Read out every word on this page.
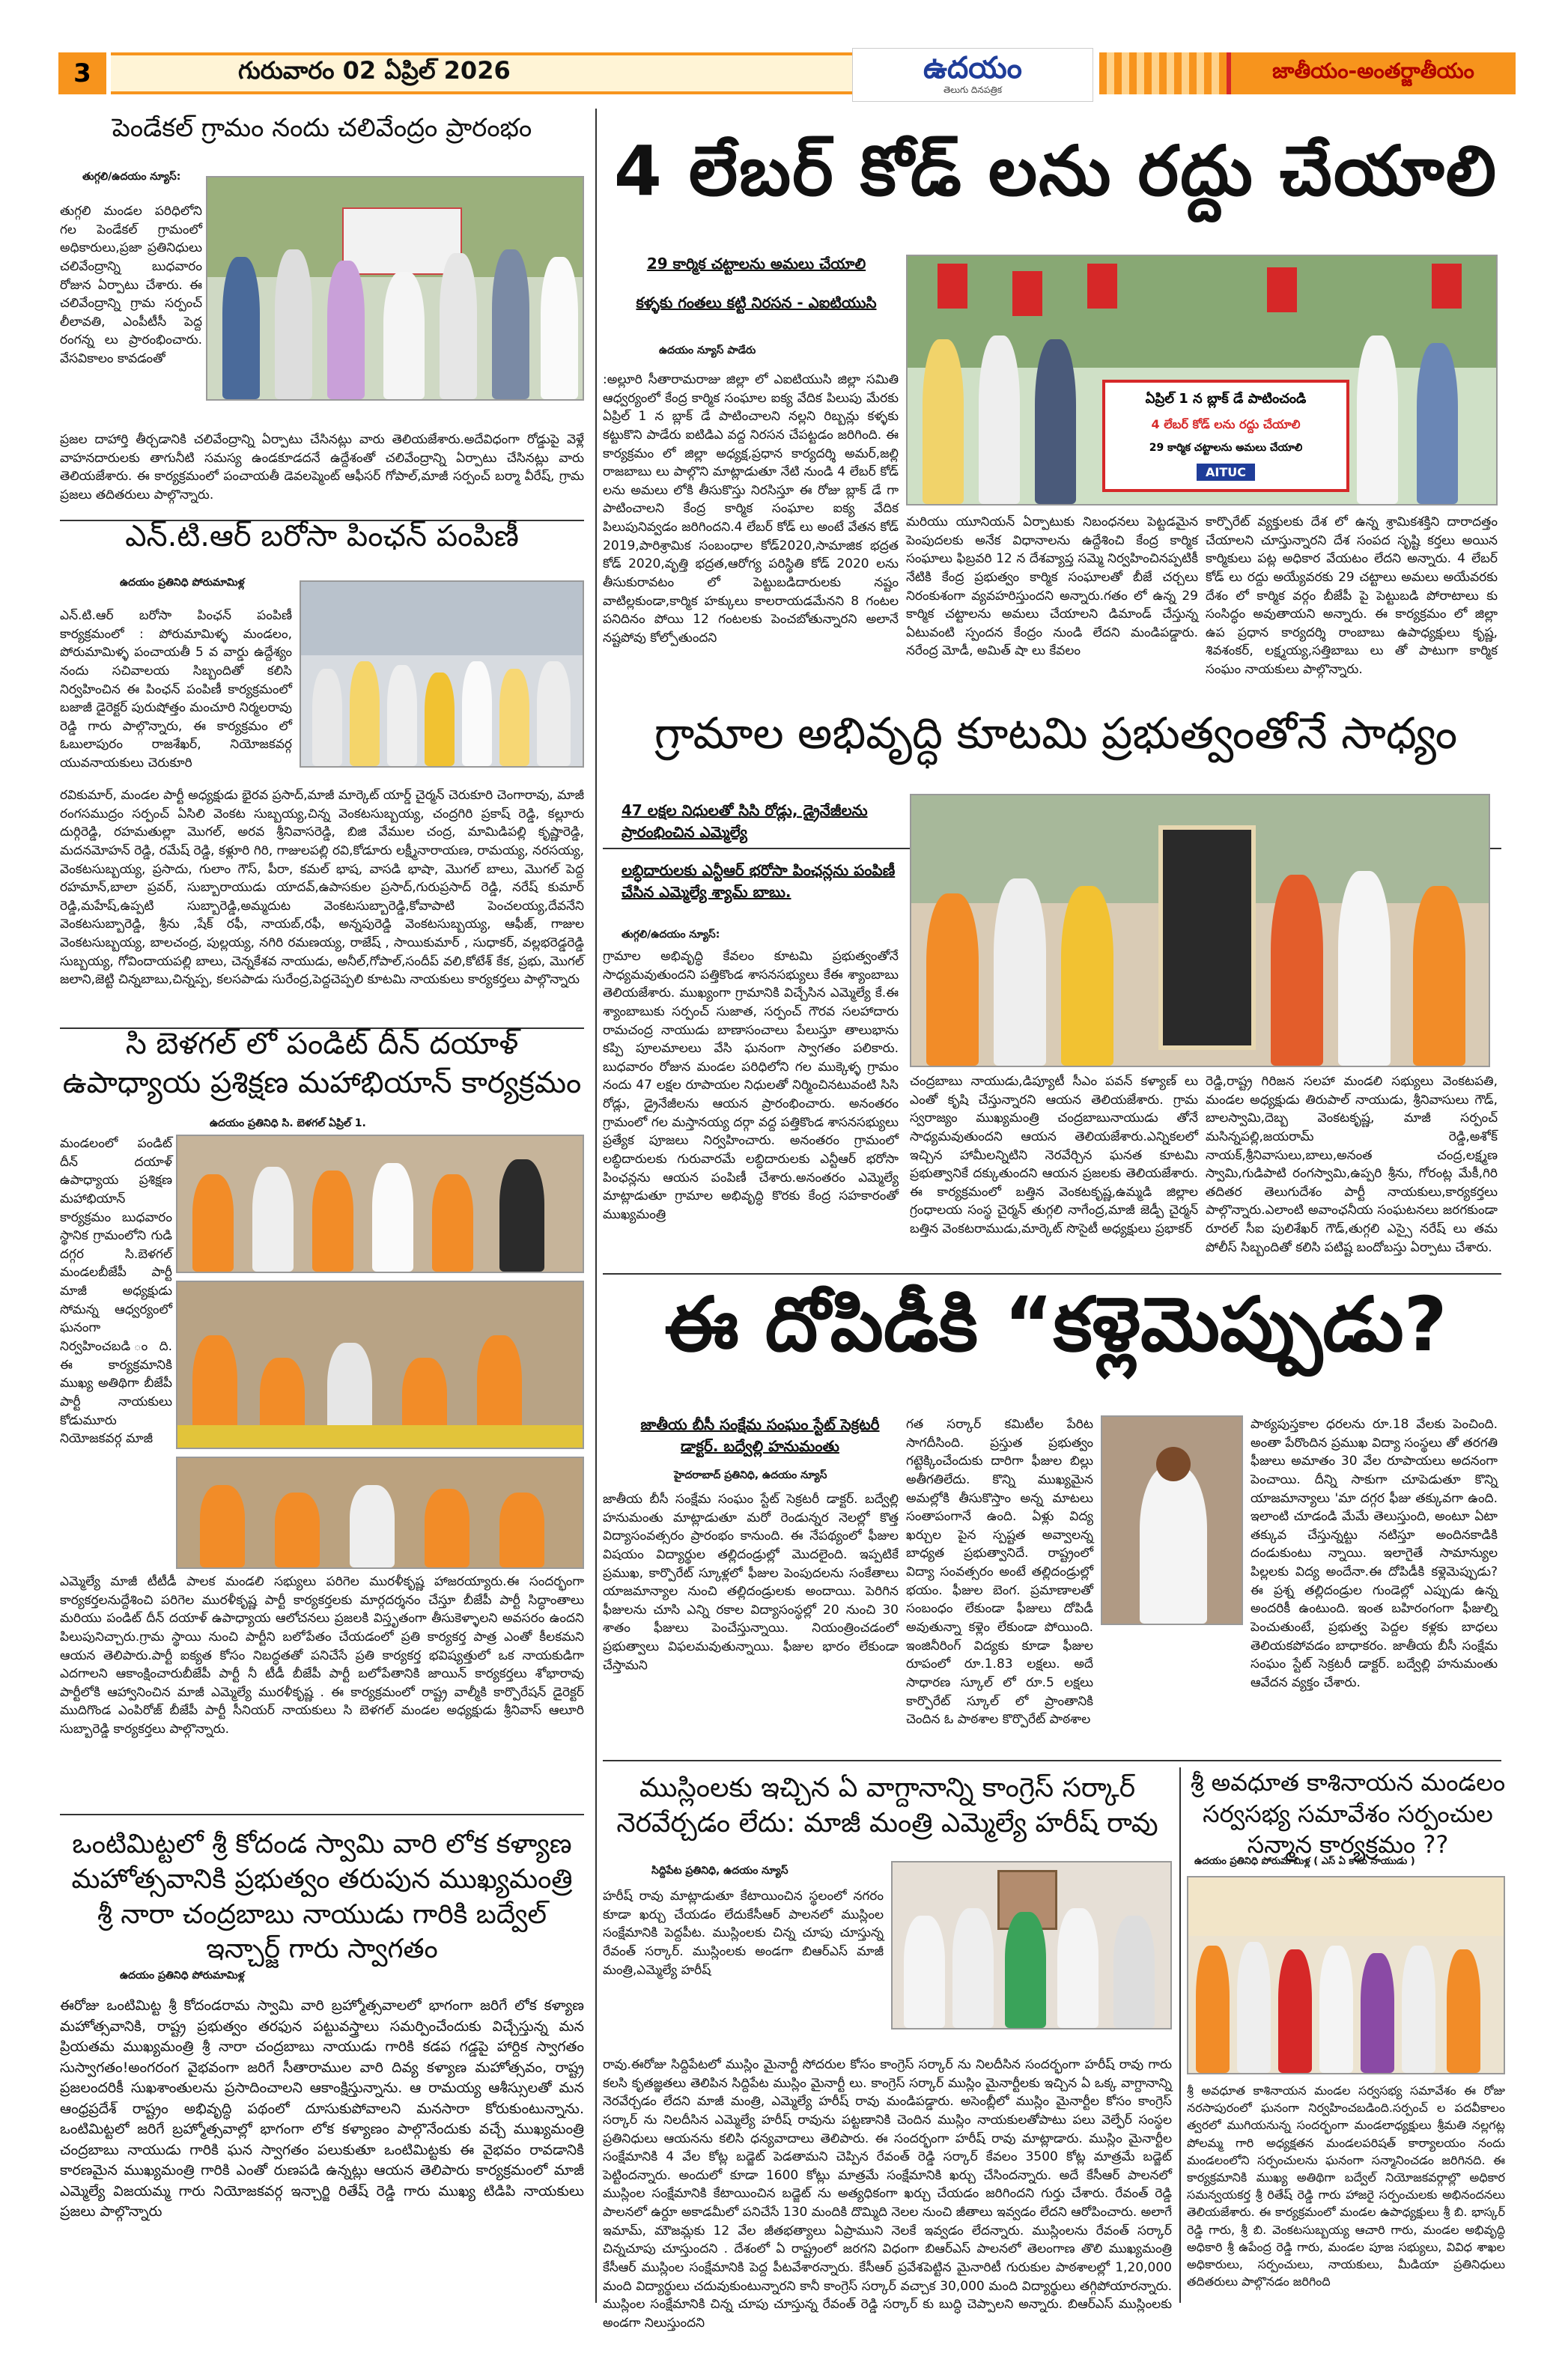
3	గురువారం 02 ఏప్రిల్ 2026	ఉదయం
తెలుగు దినపత్రిక
జాతీయం-అంతర్జాతీయం
పెండేకల్ గ్రామం నందు చలివేంద్రం ప్రారంభం
తుగ్గలి/ఉదయం న్యూస్:
తుగ్గలి మండల పరిధిలోని గల పెండేకల్ గ్రామంలో అధికారులు,ప్రజా ప్రతినిధులు చలివేంద్రాన్ని బుధవారం రోజున ఏర్పాటు చేశారు. ఈ చలివేంద్రాన్ని గ్రామ సర్పంచ్ లీలావతి, ఎంపీటీసీ పెద్ద రంగన్న లు ప్రారంభించారు. వేసవికాలం కావడంతో
ప్రజల దాహార్తి తీర్చడానికి చలివేంద్రాన్ని ఏర్పాటు చేసినట్లు వారు తెలియజేశారు.అదేవిధంగా రోడ్డుపై వెళ్లే వాహనదారులకు తాగునీటి సమస్య ఉండకూడదనే ఉద్దేశంతో చలివేంద్రాన్ని ఏర్పాటు చేసినట్లు వారు తెలియజేశారు. ఈ కార్యక్రమంలో పంచాయతీ డెవలప్మెంట్ ఆఫీసర్ గోపాల్,మాజీ సర్పంచ్ బర్మా వీరేష్, గ్రామ ప్రజలు తదితరులు పాల్గొన్నారు.
ఎన్.టి.ఆర్ బరోసా పింఛన్ పంపిణీ
ఉదయం ప్రతినిధి పోరుమామిళ్ల
ఎన్.టి.ఆర్ బరోసా పింఛన్ పంపిణీ కార్యక్రమంలో : పోరుమామిళ్ళ మండలం, పోరుమామిళ్ళ పంచాయతీ 5 వ వార్డు ఉద్దేశ్యం నందు సచివాలయ సిబ్బందితో కలిసి నిర్వహించిన ఈ పింఛన్ పంపిణీ కార్యక్రమంలో బజాజీ డైరెక్టర్ పురుషోత్తం మంచూరి నిర్మలరావు రెడ్డి గారు పాల్గొన్నారు, ఈ కార్యక్రమం లో ఓబులాపురం రాజశేఖర్, నియోజకవర్గ యువనాయకులు చెరుకూరి
రవికుమార్, మండల పార్టీ అధ్యక్షుడు భైరవ ప్రసాద్,మాజీ మార్కెట్ యార్డ్ చైర్మన్ చెరుకూరి చెంగారావు, మాజీ రంగసముద్రం సర్పంచ్ ఏసిలి వెంకట సుబ్బయ్య,చిన్న వెంకటసుబ్బయ్య, చంద్రగిరి ప్రకాష్ రెడ్డి, కల్లూరు దుర్గిరెడ్డి, రహమతుల్లా మొగల్, అరవ శ్రీనివాసరెడ్డి, బిజి వేముల చంద్ర, మామిడిపల్లి కృష్ణారెడ్డి, మదనమోహన్ రెడ్డి, రమేష్ రెడ్డి, కళ్లూరి గిరి, గాజులపల్లి రవి,కోడూరు లక్ష్మీనారాయణ, రామయ్య, నరసయ్య, వెంకటసుబ్బయ్య, ప్రసాదు, గులాం గౌస్, పీరా, కమల్ భాష, వాసడి భాషా, మొగల్ బాలు, మొగల్ పెద్ద రహమాన్,బాలా ప్రవర్, సుబ్బారాయుడు యాదవ్,ఉపాసకుల ప్రసాద్,గురుప్రసాద్ రెడ్డి, నరేష్ కుమార్ రెడ్డి,మహేష్,ఉప్పటి సుబ్బారెడ్డి,అమ్మదుట వెంకటసుబ్బారెడ్డి,కోవాపాటి పెంచలయ్య,దేవనేని వెంకటసుబ్బారెడ్డి, శ్రీను ,షేక్ రఫీ, నాయబ్,రఫీ, అన్నపురెడ్డి వెంకటసుబ్బయ్య, ఆఫీజ్, గాజుల వెంకటసుబ్బయ్య, బాలచంద్ర, పుల్లయ్య, నగిరి రమణయ్య, రాజేష్ , సాయికుమార్ , సుధాకర్, వల్లభరెడ్డరెడ్డి సుబ్బయ్య, గోవిందాయపల్లి బాలు, చెన్నకేశవ నాయుడు, అనీల్,గోపాల్,సందీప్ వలి,కోటేశ్ కేక, ప్రభు, మొగల్ జలాని,జెట్టి చిన్నబాబు,చిన్నప్ప, కలసపాడు సురేంద్ర,పెద్దచెప్పలి కూటమి నాయకులు కార్యకర్తలు పాల్గొన్నారు
సి బెళగల్ లో పండిట్ దీన్ దయాళ్ ఉపాధ్యాయ ప్రశిక్షణ మహాభియాన్ కార్యక్రమం
ఉదయం ప్రతినిధి సి. బెళగల్ ఏప్రిల్ 1.
మండలంలో పండిట్ దీన్ దయాళ్ ఉపాధ్యాయ ప్రశిక్షణ మహాభియాన్ కార్యక్రమం బుధవారం స్థానిక గ్రామంలోని గుడి దగ్గర సి.బెళగల్ మండలబీజేపీ పార్టీ మాజీ అధ్యక్షుడు సోమన్న ఆధ్వర్యంలో ఘనంగా నిర్వహించబడి ంది. ఈ కార్యక్రమానికి ముఖ్య అతిథిగా బీజేపీ పార్టీ నాయకులు కోడుమూరు నియోజకవర్గ మాజీ
ఎమ్మెల్యే మాజీ టీటీడీ పాలక మండలి సభ్యులు పరిగెల మురళీకృష్ణ హాజరయ్యారు.ఈ సందర్భంగా కార్యకర్తలనుద్దేశించి పరిగెల మురళీకృష్ణ పార్టీ కార్యకర్తలకు మార్గదర్శనం చేస్తూ బీజేపీ పార్టీ సిద్ధాంతాలు మరియు పండిట్ దీన్ దయాళ్ ఉపాధ్యాయ ఆలోచనలు ప్రజలకి విస్తృతంగా తీసుకెళ్ళాలని అవసరం ఉందని పిలుపునిచ్చారు.గ్రామ స్థాయి నుంచి పార్టీని బలోపేతం చేయడంలో ప్రతి కార్యకర్త పాత్ర ఎంతో కీలకమని ఆయన తెలిపారు.పార్టీ ఐక్యత కోసం నిబద్ధతతో పనిచేసే ప్రతి కార్యకర్త భవిష్యత్తులో ఒక నాయకుడిగా ఎదగాలని ఆకాంక్షించారుబీజేపీ పార్టీ నీ టీడీ బీజేపీ పార్టీ బలోపేతానికి జాయిన్ కార్యకర్తలు శోభారావు పార్టీలోకి ఆహ్వానించిన మాజీ ఎమ్మెల్యే మురళీకృష్ణ . ఈ కార్యక్రమంలో రాష్ట్ర వాల్మీకి కార్పొరేషన్ డైరెక్టర్ ముదిగొండ ఎంపిరోజ్ బీజేపీ పార్టీ సీనియర్ నాయకులు సి బెళగల్ మండల అధ్యక్షుడు శ్రీనివాస్ ఆలూరి సుబ్బారెడ్డి కార్యకర్తలు పాల్గొన్నారు.
ఒంటిమిట్టలో శ్రీ కోదండ స్వామి వారి లోక కళ్యాణ మహోత్సవానికి ప్రభుత్వం తరుపున ముఖ్యమంత్రి శ్రీ నారా చంద్రబాబు నాయుడు గారికి బద్వేల్ ఇన్చార్జ్ గారు స్వాగతం
ఉదయం ప్రతినిధి పోరుమామిళ్ల
ఈరోజు ఒంటిమిట్ట శ్రీ కోదండరామ స్వామి వారి బ్రహ్మోత్సవాలలో భాగంగా జరిగే లోక కళ్యాణ మహోత్సవానికి, రాష్ట్ర ప్రభుత్వం తరఫున పట్టువస్త్రాలు సమర్పించేందుకు విచ్చేస్తున్న మన ప్రియతమ ముఖ్యమంత్రి శ్రీ నారా చంద్రబాబు నాయుడు గారికి కడప గడ్డపై హార్దిక స్వాగతం సుస్వాగతం!అంగరంగ వైభవంగా జరిగే సీతారాముల వారి దివ్య కళ్యాణ మహోత్సవం, రాష్ట్ర ప్రజలందరికీ సుఖశాంతులను ప్రసాదించాలని ఆకాంక్షిస్తున్నాను. ఆ రామయ్య ఆశీస్సులతో మన ఆంధ్రప్రదేశ్ రాష్ట్రం అభివృద్ధి పథంలో దూసుకుపోవాలని మనసారా కోరుకుంటున్నాను. ఒంటిమిట్టలో జరిగే బ్రహ్మోత్సవాల్లో భాగంగా లోక కళ్యాణం పాల్గొనేందుకు వచ్చే ముఖ్యమంత్రి చంద్రబాబు నాయుడు గారికి ఘన స్వాగతం పలుకుతూ ఒంటిమిట్టకు ఈ వైభవం రావడానికి కారణమైన ముఖ్యమంత్రి గారికి ఎంతో రుణపడి ఉన్నట్లు ఆయన తెలిపారు కార్యక్రమంలో మాజీ ఎమ్మెల్యే విజయమ్మ గారు నియోజకవర్గ ఇన్చార్జి రితేష్ రెడ్డి గారు ముఖ్య టిడిపి నాయకులు ప్రజలు పాల్గొన్నారు
4 లేబర్ కోడ్ లను రద్దు చేయాలి
29 కార్మిక చట్టాలను అమలు చేయాలి
కళ్ళకు గంతలు కట్టి నిరసన - ఎఐటియుసి
ఉదయం న్యూస్ పాడేరు
:అల్లూరి సీతారామరాజు జిల్లా లో ఎఐటియుసి జిల్లా సమితి ఆధ్వర్యంలో కేంద్ర కార్మిక సంఘాల ఐక్య వేదిక పిలుపు మేరకు ఏప్రిల్ 1 న బ్లాక్ డే పాటించాలని నల్లని రిబ్బన్లు కళ్ళకు కట్టుకొని పాడేరు ఐటిడిఎ వద్ద నిరసన చేపట్టడం జరిగింది. ఈ కార్యక్రమం లో జిల్లా అధ్యక్ష,ప్రధాన కార్యదర్శి అమర్,జల్లి రాజబాబు లు పాల్గొని మాట్లాడుతూ నేటి నుండి 4 లేబర్ కోడ్ లను అమలు లోకి తీసుకొస్తు నిరసిస్తూ ఈ రోజు బ్లాక్ డే గా పాటించాలని కేంద్ర కార్మిక సంఘాల ఐక్య వేదిక పిలుపునివ్వడం జరిగిందని.4 లేబర్ కోడ్ లు అంటే వేతన కోడ్ 2019,పారిశ్రామిక సంబంధాల కోడ్2020,సామాజిక భద్రత కోడ్ 2020,వృత్తి భద్రత,ఆరోగ్య పరిస్థితి కోడ్ 2020 లను తీసుకురావటం లో పెట్టుబడిదారులకు నష్టం వాటిల్లకుండా,కార్మిక హక్కులు కాలరాయడమేనని 8 గంటల పనిదినం పోయి 12 గంటలకు పెంచబోతున్నారని అలానే నష్టపోవు కోల్పోతుందని
ఏప్రిల్ 1 న బ్లాక్ డే పాటించండి
4 లేబర్ కోడ్ లను రద్దు చేయాలి
29 కార్మిక చట్టాలను అమలు చేయాలి
AITUC
మరియు యూనియన్ ఏర్పాటుకు నిబంధనలు పెట్టడమైన పెంపుదలకు అనేక విధానాలను ఉద్దేశించి కేంద్ర కార్మిక సంఘాలు ఫిబ్రవరి 12 న దేశవ్యాప్త సమ్మె నిర్వహించినప్పటికీ నేటికి కేంద్ర ప్రభుత్వం కార్మిక సంఘాలతో బీజే చర్చలు నిరంకుశంగా వ్యవహరిస్తుందని అన్నారు.గతం లో ఉన్న 29 కార్మిక చట్టాలను అమలు చేయాలని డిమాండ్ చేస్తున్న ఏటువంటి స్పందన కేంద్రం నుండి లేదని మండిపడ్డారు. నరేంద్ర మోడీ, అమిత్ షా లు కేవలం
కార్పొరేట్ వ్యక్తులకు దేశ లో ఉన్న శ్రామికశక్తిని దారాదత్తం చేయాలని చూస్తున్నారని దేశ సంపద సృష్టి కర్తలు అయిన కార్మికులు పట్ల అధికార వేయటం లేదని అన్నారు. 4 లేబర్ కోడ్ లు రద్దు అయ్యేవరకు 29 చట్టాలు అమలు అయేవరకు దేశం లో కార్మిక వర్గం బీజేపీ పై పెట్టుబడి పోరాటాలు కు సంసిద్ధం అవుతాయని అన్నారు. ఈ కార్యక్రమం లో జిల్లా ఉప ప్రధాన కార్యదర్శి రాంబాబు ఉపాధ్యక్షులు కృష్ణ, శివశంకర్, లక్ష్మయ్య,సత్తిబాబు లు తో పాటుగా కార్మిక సంఘం నాయకులు పాల్గొన్నారు.
గ్రామాల అభివృద్ధి కూటమి ప్రభుత్వంతోనే సాధ్యం
47 లక్షల నిధులతో సిసి రోడ్లు, డ్రైనేజీలను ప్రారంభించిన ఎమ్మెల్యే
లబ్ధిదారులకు ఎన్టీఆర్ భరోసా పింఛన్లను పంపిణీ చేసిన ఎమ్మెల్యే శ్యామ్ బాబు.
తుగ్గలి/ఉదయం న్యూస్:
గ్రామాల అభివృద్ధి కేవలం కూటమి ప్రభుత్వంతోనే సాధ్యమవుతుందని పత్తికొండ శాసనసభ్యులు కేఈ శ్యాంబాబు తెలియజేశారు. ముఖ్యంగా గ్రామానికి విచ్చేసిన ఎమ్మెల్యే కే.ఈ శ్యాంబాబుకు సర్పంచ్ సుజాత, సర్పంచ్ గౌరవ సలహాదారు రామచంద్ర నాయుడు బాణాసంచాలు పేలుస్తూ తాలుభాను కప్పి పూలమాలలు వేసి ఘనంగా స్వాగతం పలికారు. బుధవారం రోజున మండల పరిధిలోని గల ముక్కెళ్ళ గ్రామం నందు 47 లక్షల రూపాయల నిధులతో నిర్మించినటువంటి సిసి రోడ్లు, డ్రైనేజీలను ఆయన ప్రారంభించారు. అనంతరం గ్రామంలో గల మస్తానయ్య దర్గా వద్ద పత్తికొండ శాసనసభ్యులు ప్రత్యేక పూజలు నిర్వహించారు. అనంతరం గ్రామంలో లబ్ధిదారులకు గురువారమే లబ్ధిదారులకు ఎన్టీఆర్ భరోసా పింఛన్లను ఆయన పంపిణీ చేశారు.అనంతరం ఎమ్మెల్యే మాట్లాడుతూ గ్రామాల అభివృద్ధి కొరకు కేంద్ర సహకారంతో ముఖ్యమంత్రి
చంద్రబాబు నాయుడు,డిప్యూటీ సీఎం పవన్ కళ్యాణ్ లు ఎంతో కృషి చేస్తున్నారని ఆయన తెలియజేశారు. గ్రామ స్వరాజ్యం ముఖ్యమంత్రి చంద్రబాబునాయుడు తోనే సాధ్యమవుతుందని ఆయన తెలియజేశారు.ఎన్నికలలో ఇచ్చిన హామీలన్నిటిని నెరవేర్చిన ఘనత కూటమి ప్రభుత్వానికే దక్కుతుందని ఆయన ప్రజలకు తెలియజేశారు. ఈ కార్యక్రమంలో బత్తిన వెంకటకృష్ణ,ఉమ్మడి జిల్లాల గ్రంధాలయ సంస్థ చైర్మన్ తుగ్గలి నాగేంద్ర,మాజీ జెడ్పీ చైర్మన్ బత్తిన వెంకటరాముడు,మార్కెట్ సొసైటీ అధ్యక్షులు ప్రభాకర్
రెడ్డి,రాష్ట్ర గిరిజన సలహా మండలి సభ్యులు వెంకటపతి, మండల అధ్యక్షుడు తిరుపాల్ నాయుడు, శ్రీనివాసులు గౌడ్, బాలస్వామి,దెబ్బ వెంకటకృష్ణ, మాజీ సర్పంచ్ మసిన్నపల్లి,జయరామ్ రెడ్డి,అశోక్ నాయక్,శ్రీనివాసులు,బాలు,అనంత చంద్ర,లక్ష్మణ స్వామి,గుడిపాటి రంగస్వామి,ఉప్పరి శ్రీను, గోరంట్ల మేకీ,గిరి తదితర తెలుగుదేశం పార్టీ నాయకులు,కార్యకర్తలు పాల్గొన్నారు.ఎలాంటి అవాంఛనీయ సంఘటనలు జరగకుండా రూరల్ సీఐ పులిశేఖర్ గౌడ్,తుగ్గలి ఎస్సై నరేష్ లు తమ పోలీస్ సిబ్బందితో కలిసి పటిష్ట బందోబస్తు ఏర్పాటు చేశారు.
ఈ దోపిడీకి “కళ్లెమెప్పుడు?
జాతీయ బీసీ సంక్షేమ సంఘం స్టేట్ సెక్రటరీ డాక్టర్. బద్వేల్లి హనుమంతు
హైదరాబాద్ ప్రతినిధి, ఉదయం న్యూస్
జాతీయ బీసీ సంక్షేమ సంఘం స్టేట్ సెక్రటరీ డాక్టర్. బద్వేల్లి హనుమంతు మాట్లాడుతూ మరో రెండున్నర నెలల్లో కొత్త విద్యాసంవత్సరం ప్రారంభం కానుంది. ఈ నేపథ్యంలో ఫీజుల విషయం విద్యార్థుల తల్లిదండ్రుల్లో మొదలైంది. ఇప్పటికే ప్రముఖ, కార్పొరేట్ స్కూళ్లలో ఫీజుల పెంపుదలను సంకేతాలు యాజమాన్యాల నుంచి తల్లిదండ్రులకు అందాయి. పెరిగిన ఫీజులను చూసి ఎన్ని రకాల విద్యాసంస్థల్లో 20 నుంచి 30 శాతం ఫీజులు పెంచేస్తున్నాయి. నియంత్రించడంలో ప్రభుత్వాలు విఫలమవుతున్నాయి. ఫీజుల భారం లేకుండా చేస్తామని
గత సర్కార్ కమిటీల పేరిట సాగదీసింది. ప్రస్తుత ప్రభుత్వం గట్టెక్కించేందుకు దారిగా ఫీజుల బిల్లు అతీగతిలేదు. కొన్ని ముఖ్యమైన అమల్లోకి తీసుకొస్తాం అన్న మాటలు సంతాపంగానే ఉంది. ఏళ్లు విద్య ఖర్చుల పైన స్పష్టత అవ్వాలన్న బాధ్యత ప్రభుత్వానిదే. రాష్ట్రంలో విద్యా సంవత్సరం అంటే తల్లిదండ్రుల్లో భయం. ఫీజుల బెంగ. ప్రమాణాలతో సంబంధం లేకుండా ఫీజులు దోపిడీ అవుతున్నా కళ్లెం లేకుండా పోయింది. ఇంజినీరింగ్ విద్యకు కూడా ఫీజుల రూపంలో రూ.1.83 లక్షలు. అదే సాధారణ స్కూల్ లో రూ.5 లక్షలు కార్పొరేట్ స్కూల్ లో ప్రాంతానికి చెందిన ఓ పాఠశాల కొర్పొరేట్ పాఠశాల
పాఠ్యపుస్తకాల ధరలను రూ.18 వేలకు పెంచింది. అంతా పేరొందిన ప్రముఖ విద్యా సంస్థలు తో తరగతి ఫీజులు అమాతం 30 వేల రూపాయలు అదనంగా పెంచాయి. దీన్ని సాకుగా చూపెడుతూ కొన్ని యాజమాన్యాలు 'మా దగ్గర ఫీజు తక్కువగా ఉంది. ఇలాంటి చూడండి మేమే తెలుస్తుంది, అంటూ ఏటా తక్కువ చేస్తున్నట్టు నటిస్తూ అందినకాడికి దండుకుంటు న్నాయి. ఇలాగైతే సామాన్యుల పిల్లలకు విద్య అందేనా.ఈ దోపిడీకి కళ్లెమెప్పుడు? ఈ ప్రశ్న తల్లిదండ్రుల గుండెల్లో ఎప్పుడు ఉన్న అందరికీ ఉంటుంది. ఇంత బహిరంగంగా ఫీజుల్ని పెంచుతుంటే, ప్రభుత్వ పెద్దల కళ్లకు బాధలు తెలియకపోవడం బాధాకరం. జాతీయ బీసీ సంక్షేమ సంఘం స్టేట్ సెక్రటరీ డాక్టర్. బద్వేల్లి హనుమంతు ఆవేదన వ్యక్తం చేశారు.
ముస్లింలకు ఇచ్చిన ఏ వాగ్దానాన్ని కాంగ్రెస్ సర్కార్ నెరవేర్చడం లేదు: మాజీ మంత్రి ఎమ్మెల్యే హరీష్ రావు
సిద్దిపేట ప్రతినిధి, ఉదయం న్యూస్
హరీష్ రావు మాట్లాడుతూ కేటాయించిన స్థలంలో నగరం కూడా ఖర్చు చేయడం లేదుకేసీఆర్ పాలనలో ముస్లింల సంక్షేమానికి పెద్దపీట. ముస్లింలకు చిన్న చూపు చూస్తున్న రేవంత్ సర్కార్. ముస్లింలకు అండగా బిఆర్ఎస్ మాజీ మంత్రి,ఎమ్మెల్యే హరీష్
రావు.ఈరోజు సిద్దిపేటలో ముస్లిం మైనార్టీ సోదరుల కోసం కాంగ్రెస్ సర్కార్ ను నిలదీసిన సందర్భంగా హరీష్ రావు గారు కలసి కృతజ్ఞతలు తెలిపిన సిద్దిపేట ముస్లిం మైనార్టీ లు. కాంగ్రెస్ సర్కార్ ముస్లిం మైనార్టీలకు ఇచ్చిన ఏ ఒక్క వాగ్దానాన్ని నెరవేర్చడం లేదని మాజీ మంత్రి, ఎమ్మెల్యే హరీష్ రావు మండిపడ్డారు. అసెంబ్లీలో ముస్లిం మైనార్టీల కోసం కాంగ్రెస్ సర్కార్ ను నిలదీసిన ఎమ్మెల్యే హరీష్ రావును పట్టణానికి చెందిన ముస్లిం నాయకులతోపాటు పలు వెల్ఫేర్ సంస్థల ప్రతినిధులు ఆయనను కలిసి ధన్యవాదాలు తెలిపారు. ఈ సందర్భంగా హరీష్ రావు మాట్లాడారు. ముస్లిం మైనార్టీల సంక్షేమానికి 4 వేల కోట్ల బడ్జెట్ పెడతామని చెప్పిన రేవంత్ రెడ్డి సర్కార్ కేవలం 3500 కోట్ల మాత్రమే బడ్జెట్ పెట్టిందన్నారు. అందులో కూడా 1600 కోట్లు మాత్రమే సంక్షేమానికి ఖర్చు చేసిందన్నారు. అదే కేసీఆర్ పాలనలో ముస్లింల సంక్షేమానికి కేటాయించిన బడ్జెట్ ను అత్యధికంగా ఖర్చు చేయడం జరిగిందని గుర్తు చేశారు. రేవంత్ రెడ్డి పాలనలో ఉర్దూ అకాడమీలో పనిచేసే 130 మందికి దొమ్మిది నెలల నుంచి జీతాలు ఇవ్వడం లేదని ఆరోపించారు. అలాగే ఇమామ్, మౌజమ్లకు 12 వేల జీతభత్యాలు ఏప్రాముని నెలకే ఇవ్వడం లేదన్నారు. ముస్లింలను రేవంత్ సర్కార్ చిన్నచూపు చూస్తుందని . దేశంలో ఏ రాష్ట్రంలో జరగని విధంగా బిఆర్ఎస్ పాలనలో తెలంగాణ తొలి ముఖ్యమంత్రి కేసీఆర్ ముస్లింల సంక్షేమానికి పెద్ద పీటవేశారన్నారు. కేసీఆర్ ప్రవేశపెట్టిన మైనారిటీ గురుకుల పాఠశాలల్లో 1,20,000 మంది విద్యార్థులు చదువుకుంటున్నారని కానీ కాంగ్రెస్ సర్కార్ వచ్చాక 30,000 మంది విద్యార్థులు తగ్గిపోయారన్నారు. ముస్లింల సంక్షేమానికి చిన్న చూపు చూస్తున్న రేవంత్ రెడ్డి సర్కార్ కు బుద్ధి చెప్పాలని అన్నారు. బిఆర్ఎస్ ముస్లింలకు అండగా నిలుస్తుందని
శ్రీ అవధూత కాశినాయన మండలం సర్వసభ్య సమావేశం సర్పంచుల సన్మాన కార్యక్రమం ??
ఉదయం ప్రతినిధి పోరుమామిళ్ల ( ఎస్ ఏ కాసు నాయుడు )
శ్రీ అవధూత కాశినాయన మండల సర్వసభ్య సమావేశం ఈ రోజు నరసాపురంలో ఘనంగా నిర్వహించబడింది.సర్పంచ్ ల పదవీకాలం త్వరలో ముగియనున్న సందర్భంగా మండలాధ్యక్షులు శ్రీమతి నల్లగట్ల పోలమ్మ గారి అధ్యక్షతన మండలపరిషత్ కార్యాలయం నందు మండలంలోని సర్పంచులను ఘనంగా సన్మానించడం జరిగినది. ఈ కార్యక్రమానికి ముఖ్య అతిథిగా బద్వేల్ నియోజకవర్గాల్లొ అధికార సమన్వయకర్త శ్రీ రితేష్ రెడ్డి గారు హాజరై సర్పంచులకు అభినందనలు తెలియజేశారు. ఈ కార్యక్రమంలో మండల ఉపాధ్యక్షులు శ్రీ బి. భాస్కర్ రెడ్డి గారు, శ్రీ బి. వెంకటసుబ్బయ్య ఆచారి గారు, మండల అభివృద్ధి అధికారి శ్రీ ఉపేంద్ర రెడ్డి గారు, మండల పూజ సభ్యులు, వివిధ శాఖల అధికారులు, సర్పంచులు, నాయకులు, మీడియా ప్రతినిధులు తదితరులు పాల్గొనడం జరిగింది
